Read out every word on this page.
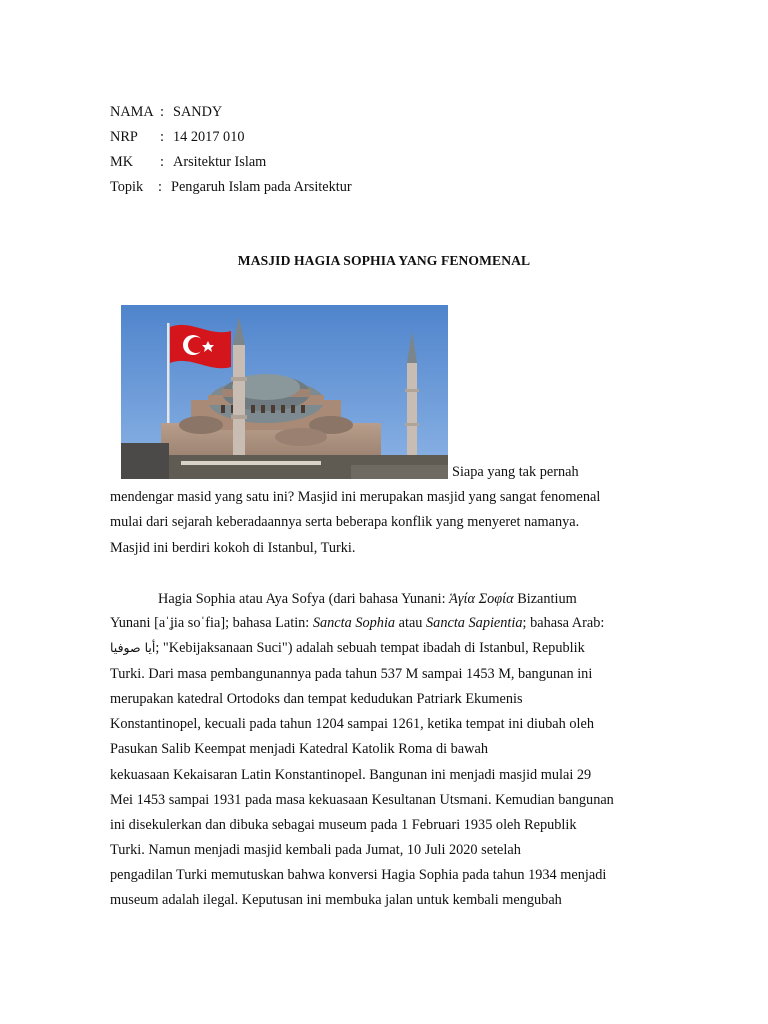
NAMA : SANDY
NRP : 14 2017 010
MK : Arsitektur Islam
Topik : Pengaruh Islam pada Arsitektur
MASJID HAGIA SOPHIA YANG FENOMENAL
Siapa yang tak pernah
mendengar masid yang satu ini? Masjid ini merupakan masjid yang sangat fenomenal
mulai dari sejarah keberadaannya serta beberapa konflik yang menyeret namanya.
Masjid ini berdiri kokoh di Istanbul, Turki.
Hagia Sophia atau Aya Sofya (dari bahasa Yunani: Ἁγία Σοφία Bizantium
Yunani [aˈʝia soˈfia]; bahasa Latin: Sancta Sophia atau Sancta Sapientia; bahasa Arab:
أيا صوفيا; "Kebijaksanaan Suci") adalah sebuah tempat ibadah di Istanbul, Republik
Turki. Dari masa pembangunannya pada tahun 537 M sampai 1453 M, bangunan ini
merupakan katedral Ortodoks dan tempat kedudukan Patriark Ekumenis
Konstantinopel, kecuali pada tahun 1204 sampai 1261, ketika tempat ini diubah oleh
Pasukan Salib Keempat menjadi Katedral Katolik Roma di bawah
kekuasaan Kekaisaran Latin Konstantinopel. Bangunan ini menjadi masjid mulai 29
Mei 1453 sampai 1931 pada masa kekuasaan Kesultanan Utsmani. Kemudian bangunan
ini disekulerkan dan dibuka sebagai museum pada 1 Februari 1935 oleh Republik
Turki. Namun menjadi masjid kembali pada Jumat, 10 Juli 2020 setelah
pengadilan Turki memutuskan bahwa konversi Hagia Sophia pada tahun 1934 menjadi
museum adalah ilegal. Keputusan ini membuka jalan untuk kembali mengubah
